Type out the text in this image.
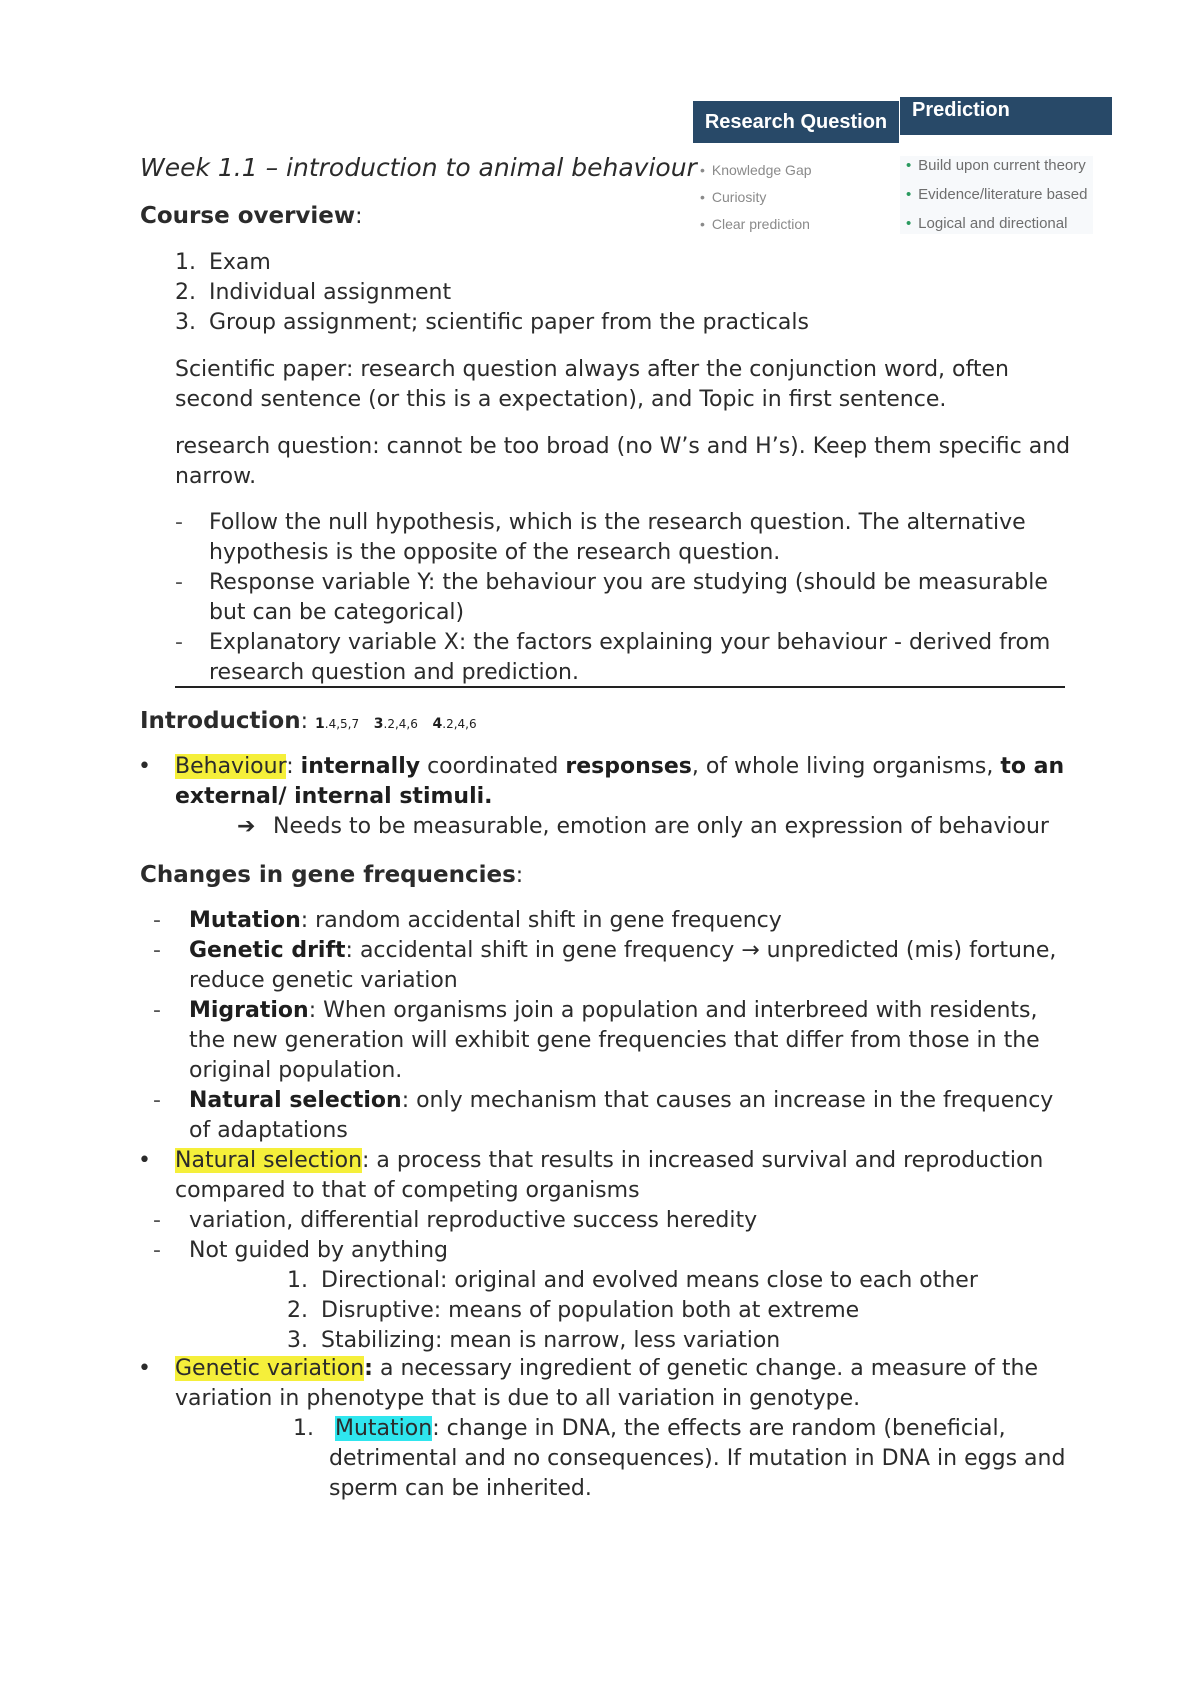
Research Question
Prediction
• Knowledge Gap
• Curiosity
• Clear prediction
• Build upon current theory
• Evidence/literature based
• Logical and directional
Week 1.1 – introduction to animal behaviour
Course overview:
1. Exam
2. Individual assignment
3. Group assignment; scientific paper from the practicals
Scientific paper: research question always after the conjunction word, often
second sentence (or this is a expectation), and Topic in first sentence.
research question: cannot be too broad (no W’s and H’s). Keep them specific and
narrow.
- Follow the null hypothesis, which is the research question. The alternative
hypothesis is the opposite of the research question.
- Response variable Y: the behaviour you are studying (should be measurable
but can be categorical)
- Explanatory variable X: the factors explaining your behaviour - derived from
research question and prediction.
Introduction: 1.4,5,7 3.2,4,6 4.2,4,6
• Behaviour: internally coordinated responses, of whole living organisms, to an
external/ internal stimuli.
➔ Needs to be measurable, emotion are only an expression of behaviour
Changes in gene frequencies:
- Mutation: random accidental shift in gene frequency
- Genetic drift: accidental shift in gene frequency → unpredicted (mis) fortune,
reduce genetic variation
- Migration: When organisms join a population and interbreed with residents,
the new generation will exhibit gene frequencies that differ from those in the
original population.
- Natural selection: only mechanism that causes an increase in the frequency
of adaptations
• Natural selection: a process that results in increased survival and reproduction
compared to that of competing organisms
- variation, differential reproductive success heredity
- Not guided by anything
1. Directional: original and evolved means close to each other
2. Disruptive: means of population both at extreme
3. Stabilizing: mean is narrow, less variation
• Genetic variation: a necessary ingredient of genetic change. a measure of the
variation in phenotype that is due to all variation in genotype.
1. Mutation: change in DNA, the effects are random (beneficial,
detrimental and no consequences). If mutation in DNA in eggs and
sperm can be inherited.
